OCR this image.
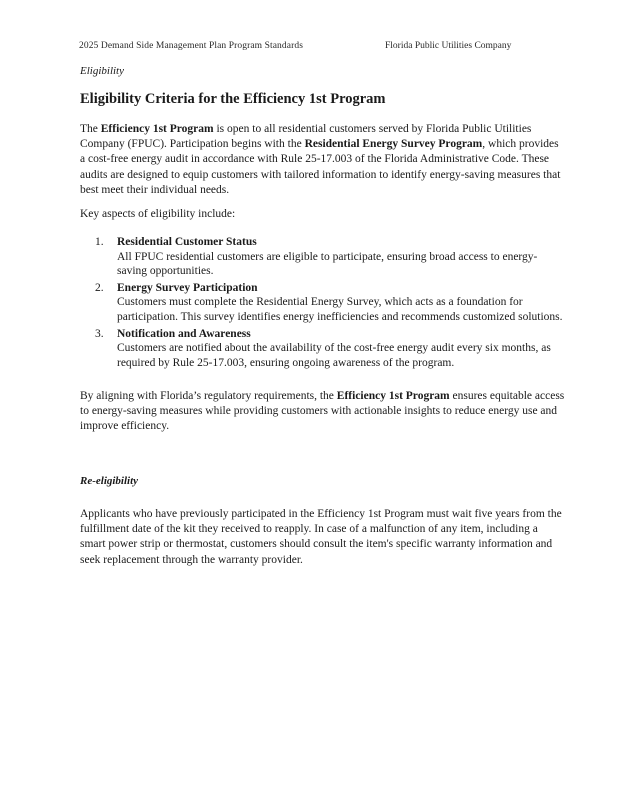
2025 Demand Side Management Plan Program Standards	Florida Public Utilities Company
Eligibility
Eligibility Criteria for the Efficiency 1st Program

The Efficiency 1st Program is open to all residential customers served by Florida Public Utilities Company (FPUC). Participation begins with the Residential Energy Survey Program, which provides a cost-free energy audit in accordance with Rule 25-17.003 of the Florida Administrative Code. These audits are designed to equip customers with tailored information to identify energy-saving measures that best meet their individual needs.

Key aspects of eligibility include:

1. Residential Customer Status
All FPUC residential customers are eligible to participate, ensuring broad access to energy-saving opportunities.
2. Energy Survey Participation
Customers must complete the Residential Energy Survey, which acts as a foundation for participation. This survey identifies energy inefficiencies and recommends customized solutions.
3. Notification and Awareness
Customers are notified about the availability of the cost-free energy audit every six months, as required by Rule 25-17.003, ensuring ongoing awareness of the program.

By aligning with Florida’s regulatory requirements, the Efficiency 1st Program ensures equitable access to energy-saving measures while providing customers with actionable insights to reduce energy use and improve efficiency.

Re-eligibility

Applicants who have previously participated in the Efficiency 1st Program must wait five years from the fulfillment date of the kit they received to reapply. In case of a malfunction of any item, including a smart power strip or thermostat, customers should consult the item's specific warranty information and seek replacement through the warranty provider.
